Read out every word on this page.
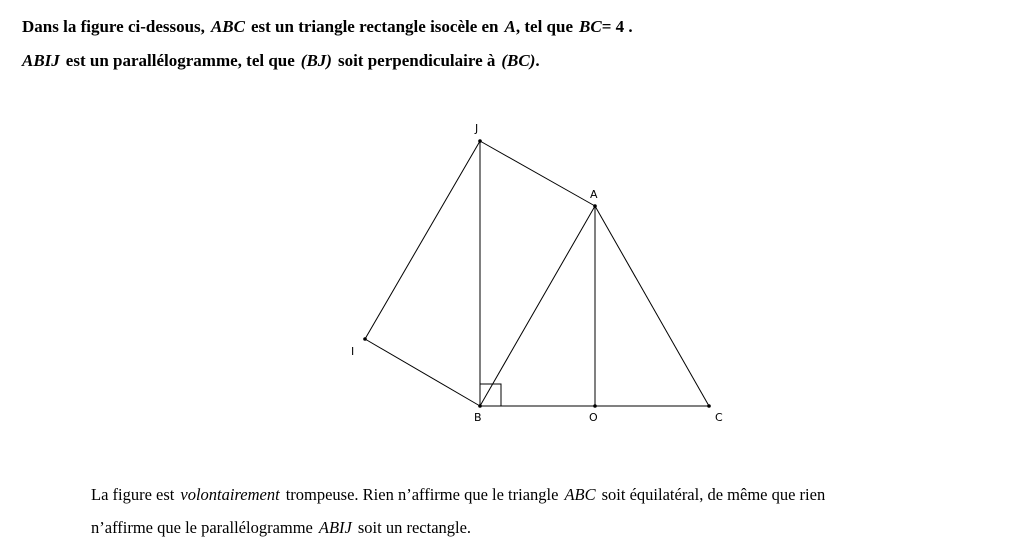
Dans la figure ci-dessous, ABC est un triangle rectangle isocèle en A, tel que BC= 4 .
ABIJ est un parallélogramme, tel que (BJ) soit perpendiculaire à (BC).
J
A
I
B	O	C
La figure est volontairement trompeuse. Rien n’affirme que le triangle ABC soit équilatéral, de même que rien
n’affirme que le parallélogramme ABIJ soit un rectangle.
